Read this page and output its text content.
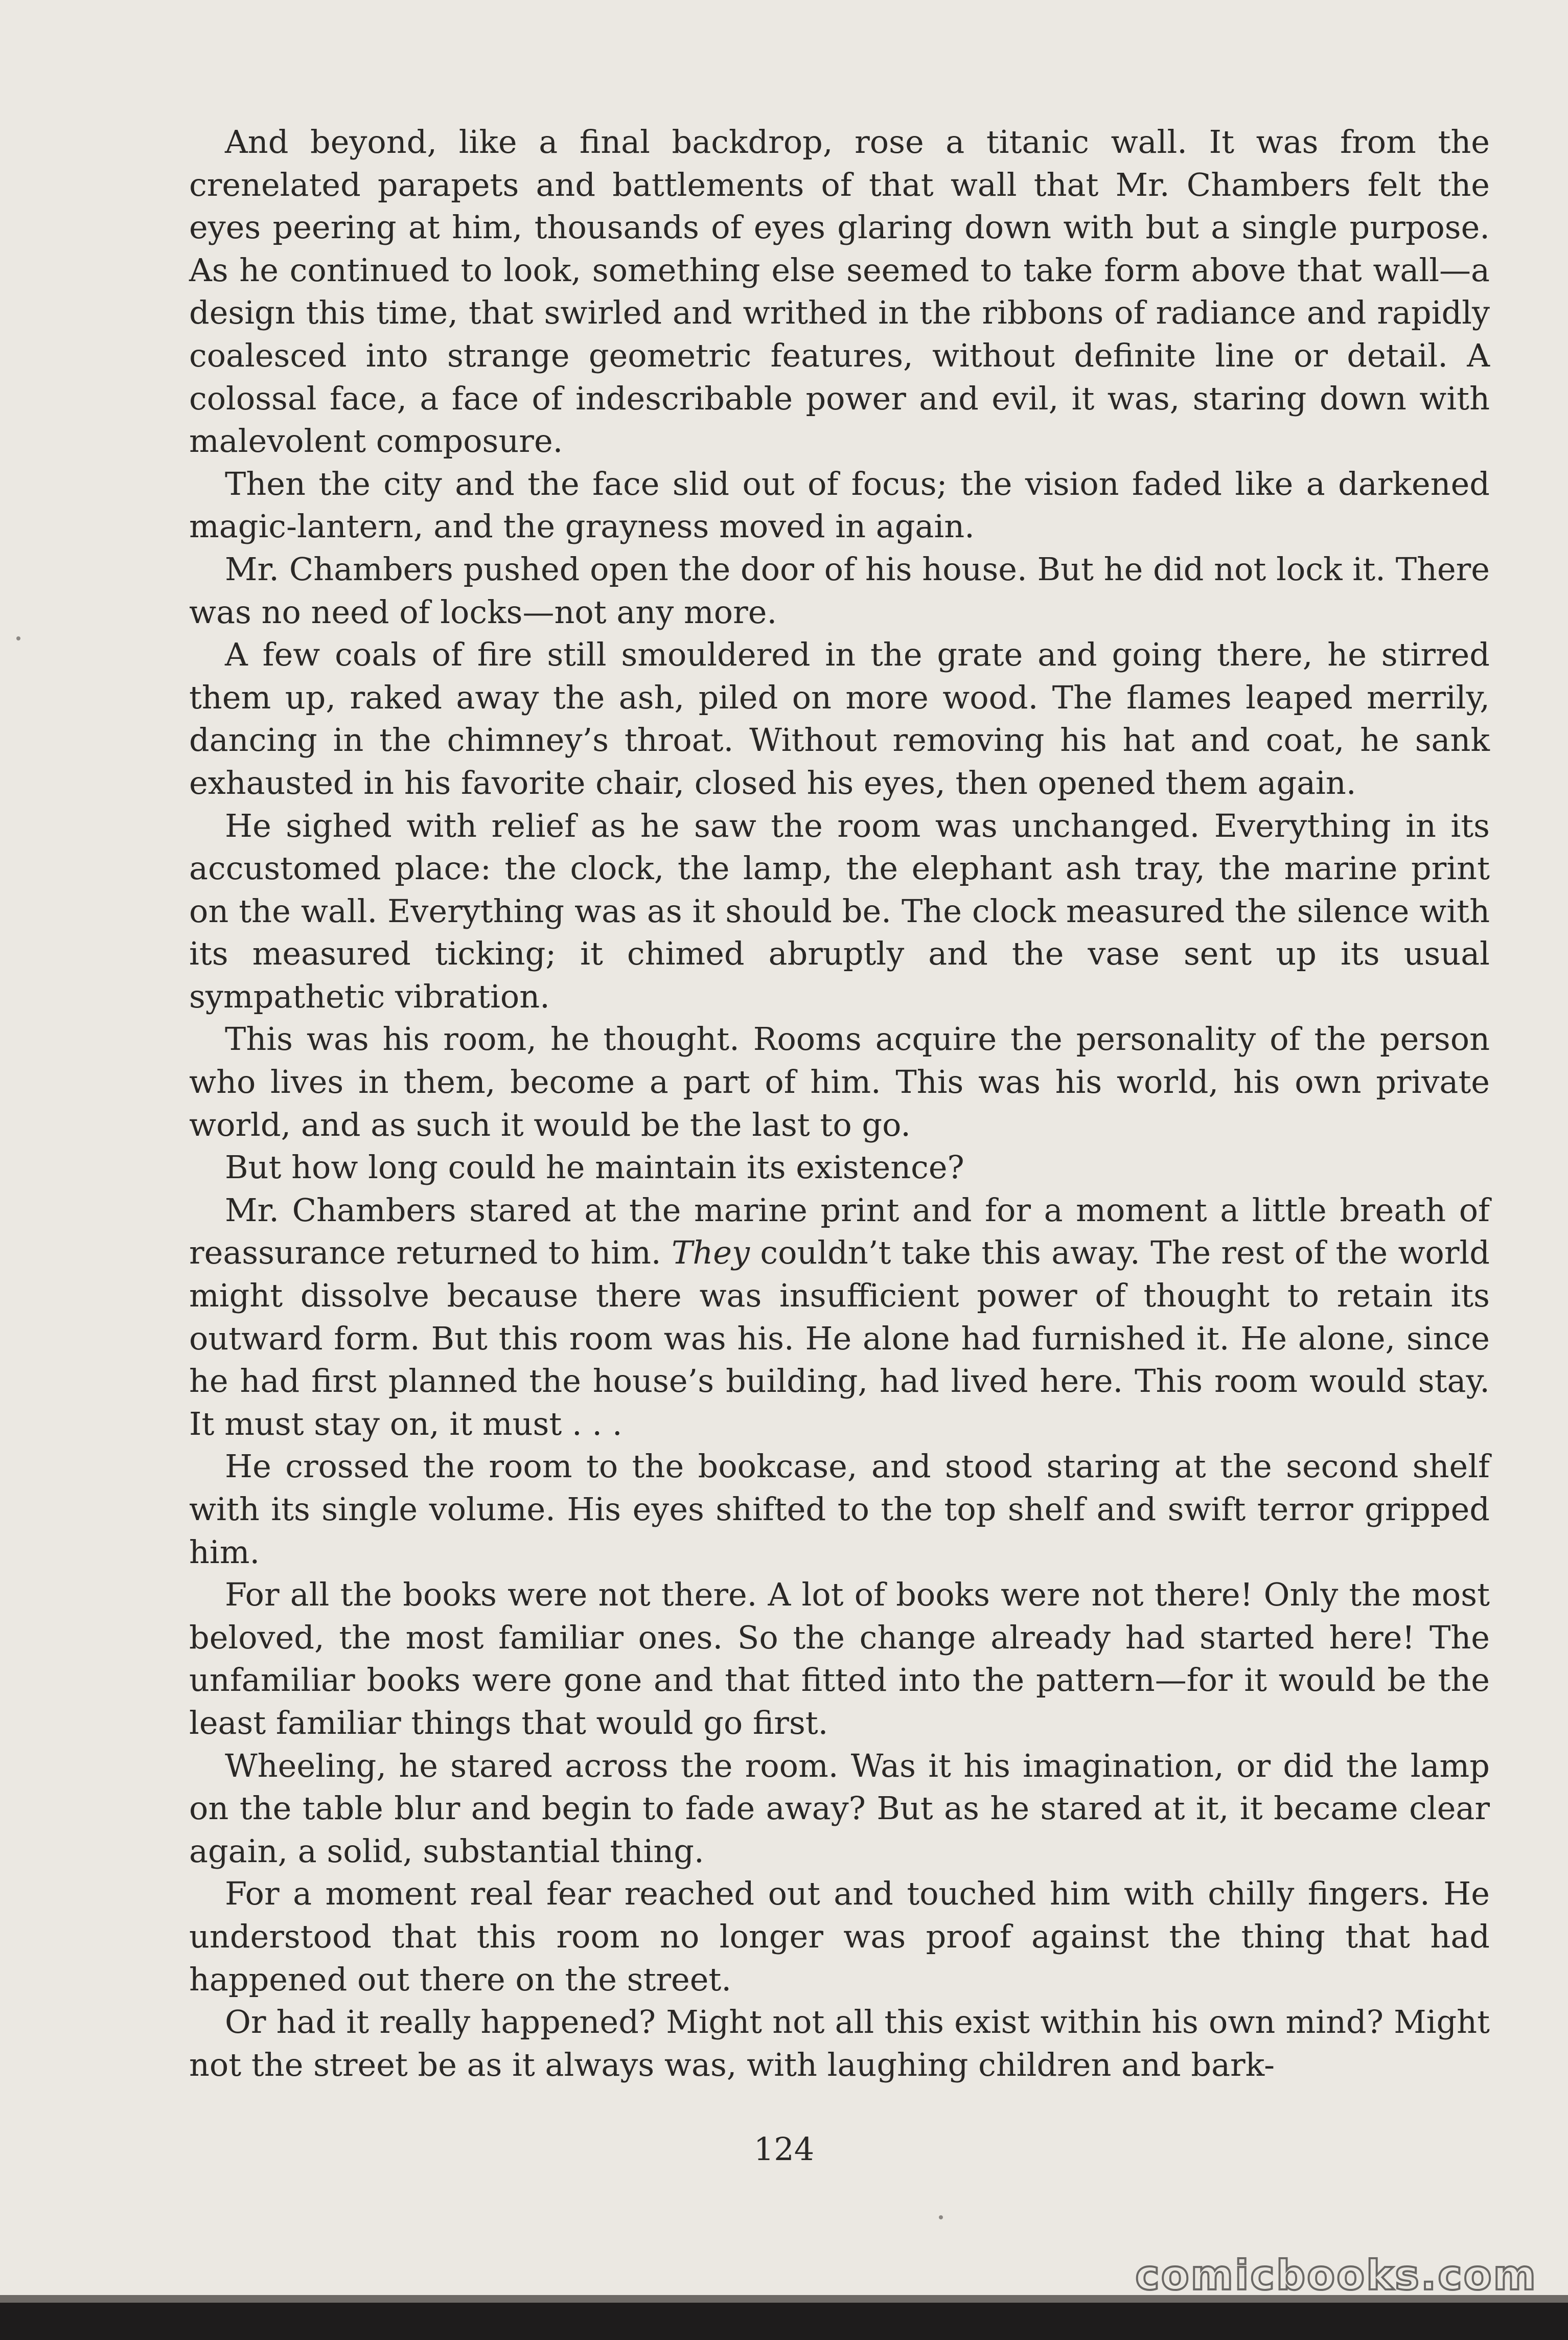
And beyond, like a final backdrop, rose a titanic wall. It was from the crenelated parapets and battlements of that wall that Mr. Chambers felt the eyes peering at him, thousands of eyes glaring down with but a single purpose. As he continued to look, something else seemed to take form above that wall—a design this time, that swirled and writhed in the ribbons of radiance and rapidly coalesced into strange geometric features, without definite line or detail. A colossal face, a face of indescribable power and evil, it was, staring down with malevolent composure.

Then the city and the face slid out of focus; the vision faded like a darkened magic-lantern, and the grayness moved in again.

Mr. Chambers pushed open the door of his house. But he did not lock it. There was no need of locks—not any more.

A few coals of fire still smouldered in the grate and going there, he stirred them up, raked away the ash, piled on more wood. The flames leaped merrily, dancing in the chimney’s throat. Without removing his hat and coat, he sank exhausted in his favorite chair, closed his eyes, then opened them again.

He sighed with relief as he saw the room was unchanged. Everything in its accustomed place: the clock, the lamp, the elephant ash tray, the marine print on the wall. Everything was as it should be. The clock measured the silence with its measured ticking; it chimed abruptly and the vase sent up its usual sympathetic vibration.

This was his room, he thought. Rooms acquire the personality of the person who lives in them, become a part of him. This was his world, his own private world, and as such it would be the last to go.

But how long could he maintain its existence?

Mr. Chambers stared at the marine print and for a moment a little breath of reassurance returned to him. They couldn’t take this away. The rest of the world might dissolve because there was insufficient power of thought to retain its outward form. But this room was his. He alone had furnished it. He alone, since he had first planned the house’s building, had lived here. This room would stay. It must stay on, it must . . .

He crossed the room to the bookcase, and stood staring at the second shelf with its single volume. His eyes shifted to the top shelf and swift terror gripped him.

For all the books were not there. A lot of books were not there! Only the most beloved, the most familiar ones. So the change already had started here! The unfamiliar books were gone and that fitted into the pattern—for it would be the least familiar things that would go first.

Wheeling, he stared across the room. Was it his imagination, or did the lamp on the table blur and begin to fade away? But as he stared at it, it became clear again, a solid, substantial thing.

For a moment real fear reached out and touched him with chilly fingers. He understood that this room no longer was proof against the thing that had happened out there on the street.

Or had it really happened? Might not all this exist within his own mind? Might not the street be as it always was, with laughing children and bark-

124
comicbooks.com
